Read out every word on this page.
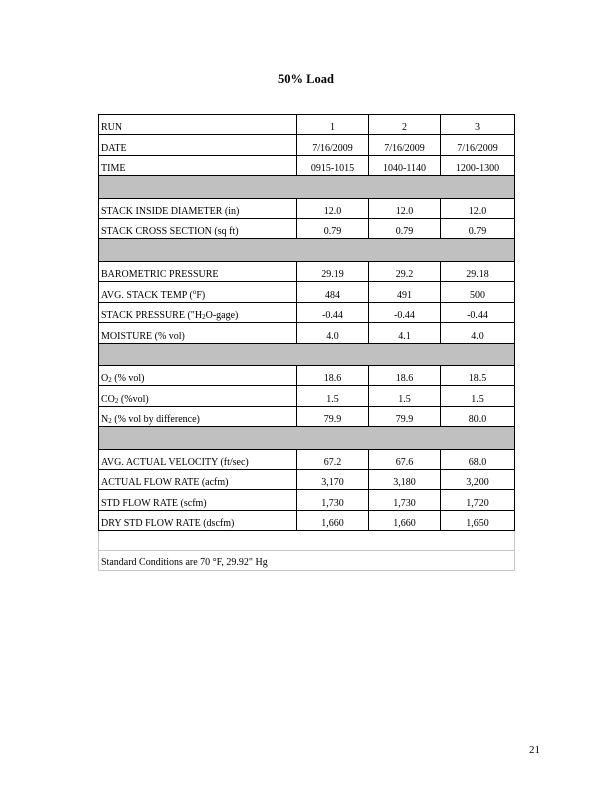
50% Load
RUN	1	2	3
DATE	7/16/2009	7/16/2009	7/16/2009
TIME	0915-1015	1040-1140	1200-1300

STACK INSIDE DIAMETER (in)	12.0	12.0	12.0
STACK CROSS SECTION (sq ft)	0.79	0.79	0.79

BAROMETRIC PRESSURE	29.19	29.2	29.18
AVG. STACK TEMP ($^o$F)	484	491	500
STACK PRESSURE $("H_2O-gage)$	-0.44	-0.44	-0.44
MOISTURE (% vol)	4.0	4.1	4.0

$O_2$ (% vol)	18.6	18.6	18.5
$CO_2$ (%vol)	1.5	1.5	1.5
$N_2$ (% vol by difference)	79.9	79.9	80.0

AVG. ACTUAL VELOCITY (ft/sec)	67.2	67.6	68.0
ACTUAL FLOW RATE (acfm)	3,170	3,180	3,200
STD FLOW RATE (scfm)	1,730	1,730	1,720
DRY STD FLOW RATE (dscfm)	1,660	1,660	1,650

Standard Conditions are 70 °F, 29.92" Hg			
21
